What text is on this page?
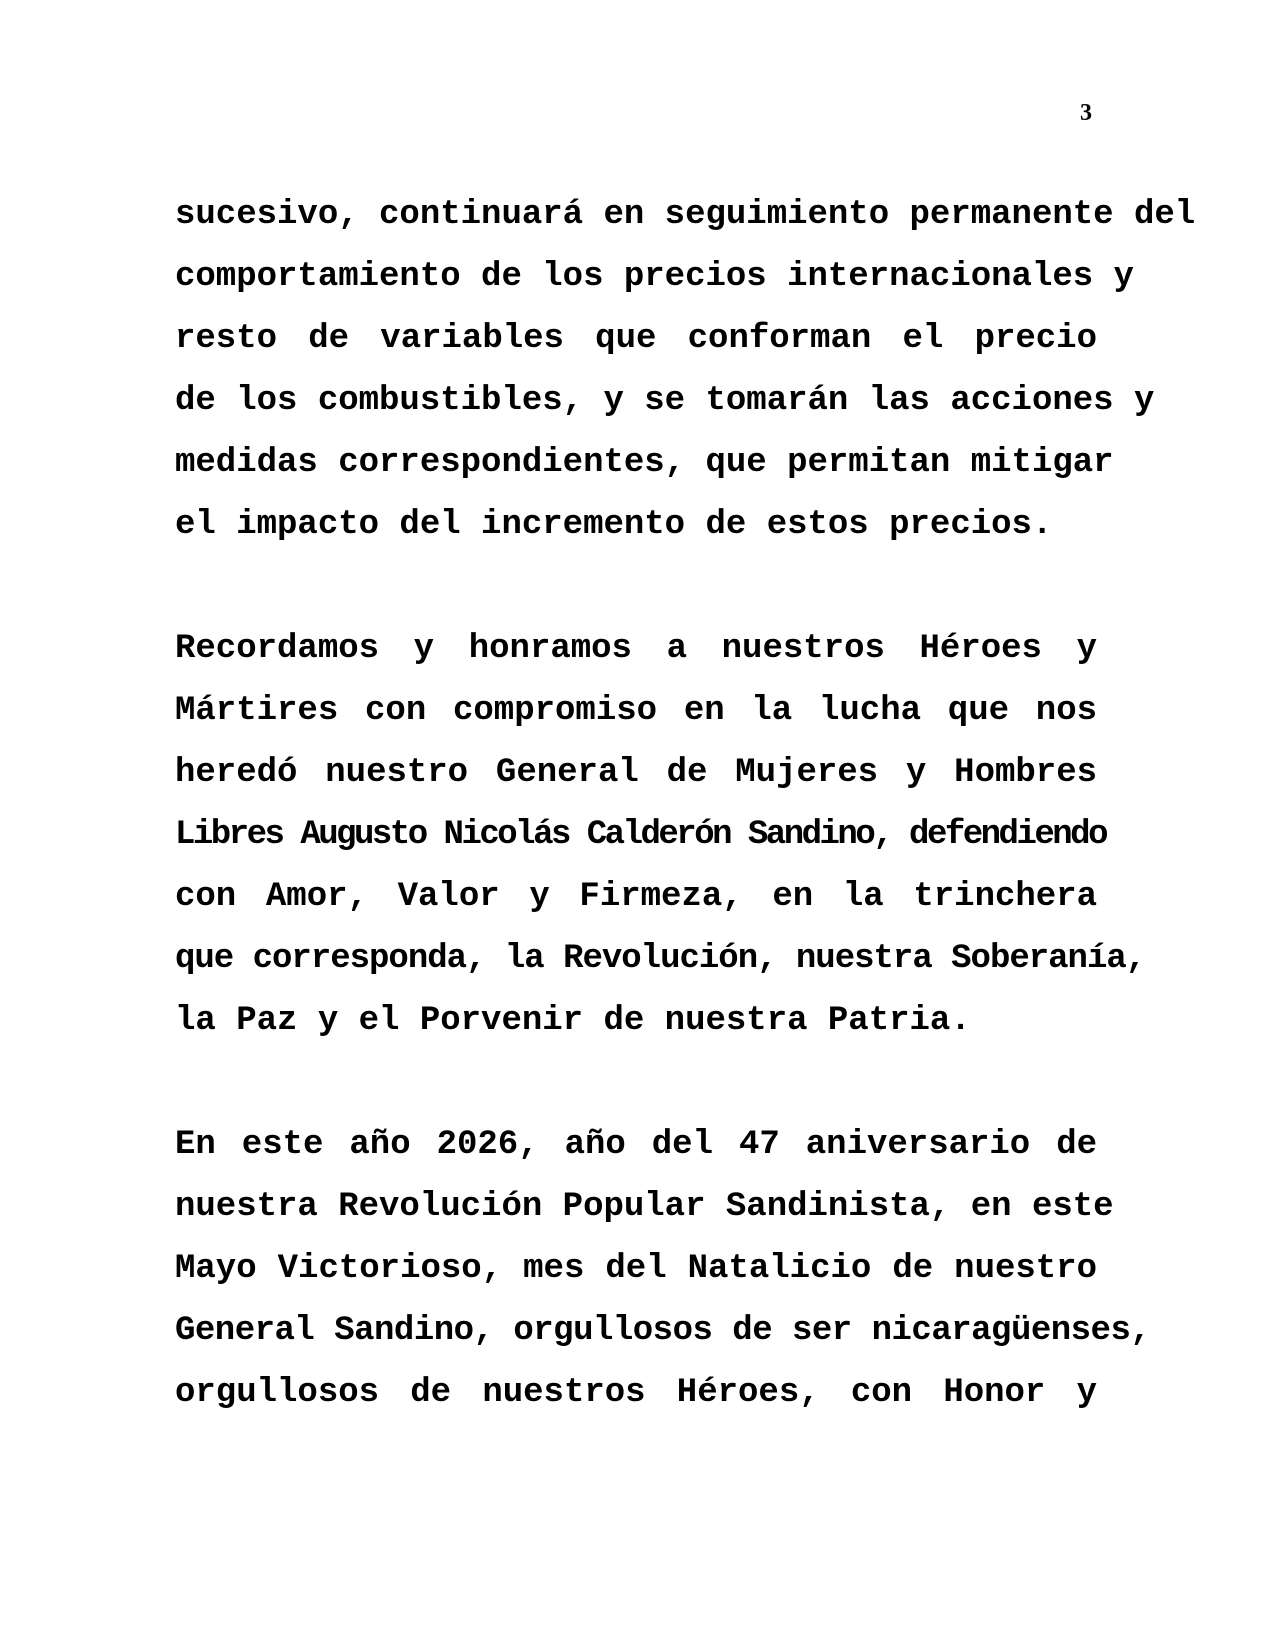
3
sucesivo, continuará en seguimiento permanente del
comportamiento de los precios internacionales y
resto de variables que conforman el precio
de los combustibles, y se tomarán las acciones y
medidas correspondientes, que permitan mitigar
el impacto del incremento de estos precios.
Recordamos y honramos a nuestros Héroes y
Mártires con compromiso en la lucha que nos
heredó nuestro General de Mujeres y Hombres
Libres Augusto Nicolás Calderón Sandino, defendiendo
con Amor, Valor y Firmeza, en la trinchera
que corresponda, la Revolución, nuestra Soberanía,
la Paz y el Porvenir de nuestra Patria.
En este año 2026, año del 47 aniversario de
nuestra Revolución Popular Sandinista, en este
Mayo Victorioso, mes del Natalicio de nuestro
General Sandino, orgullosos de ser nicaragüenses,
orgullosos de nuestros Héroes, con Honor y
